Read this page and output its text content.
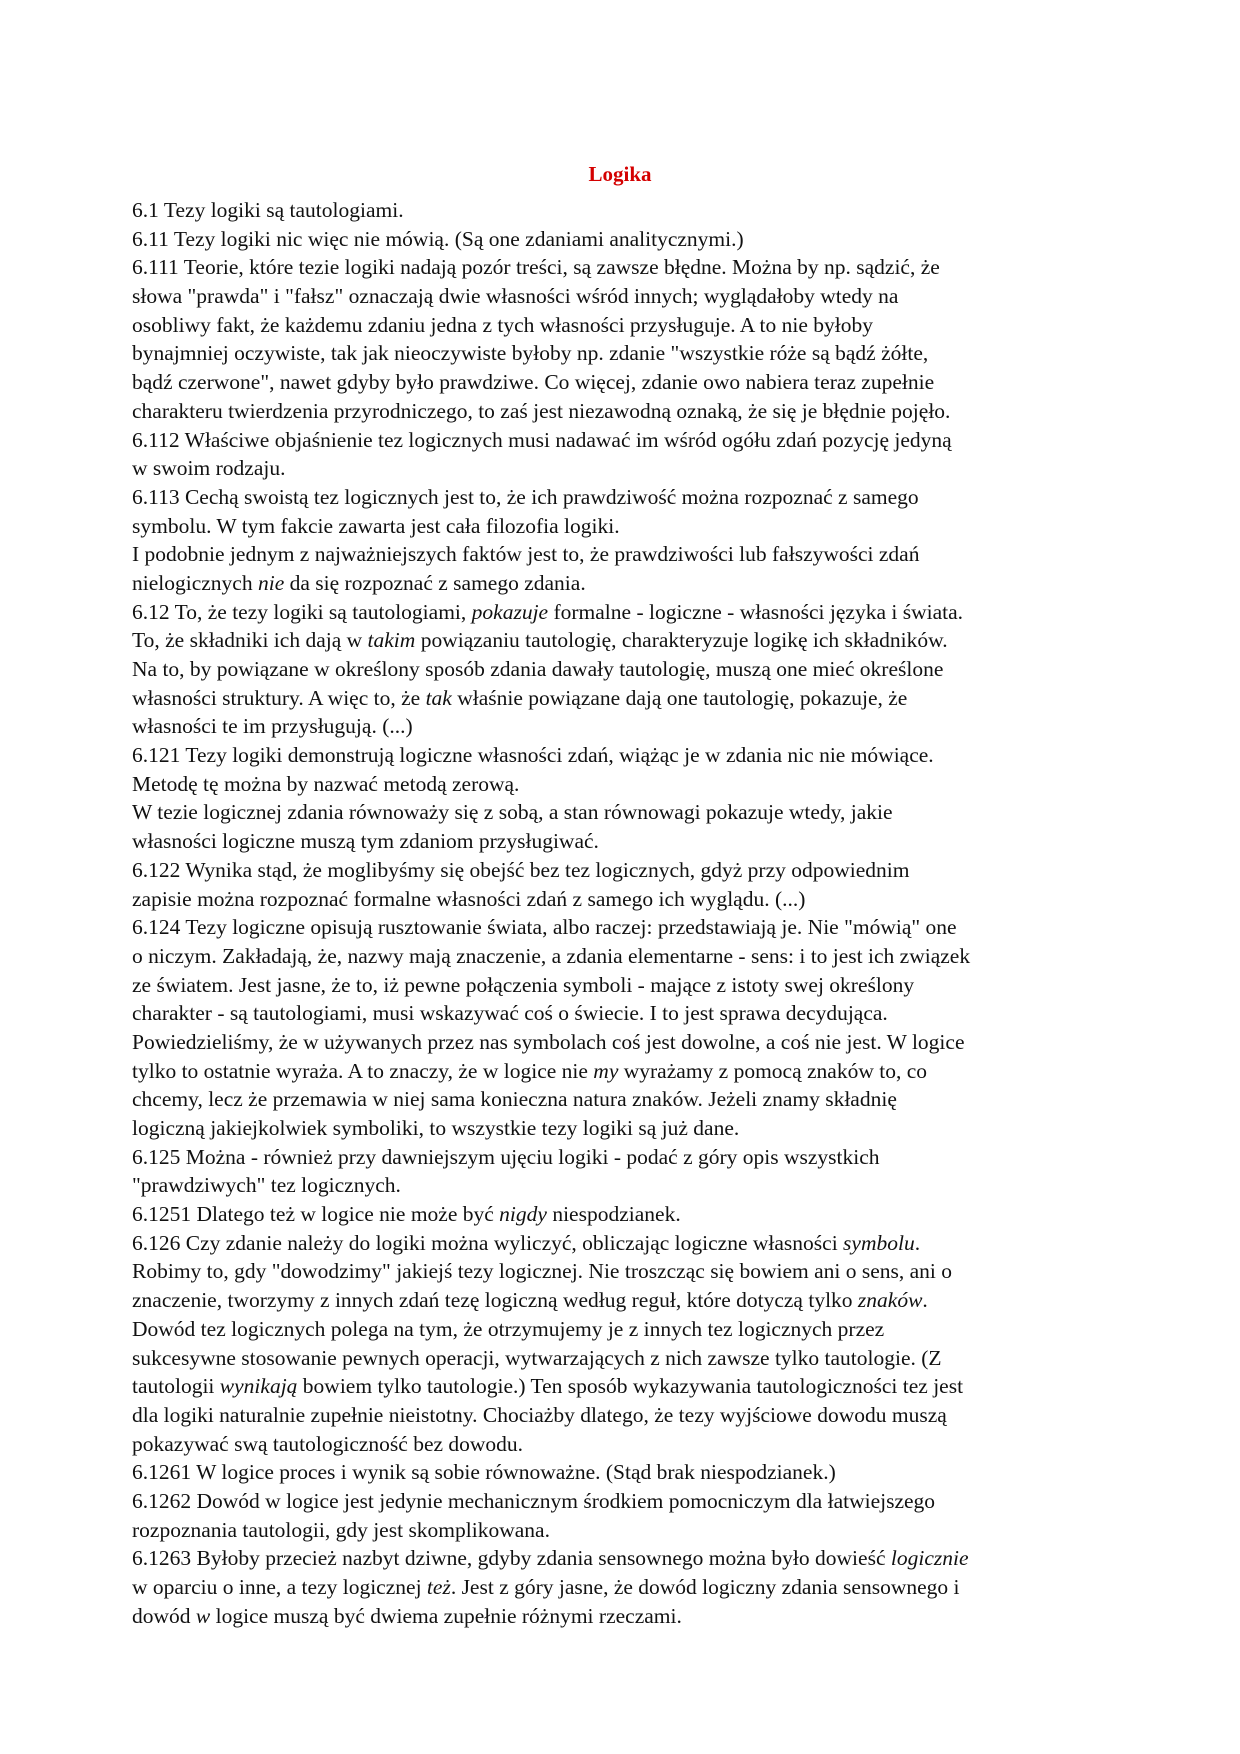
Logika
6.1 Tezy logiki są tautologiami.
6.11 Tezy logiki nic więc nie mówią. (Są one zdaniami analitycznymi.)
6.111 Teorie, które tezie logiki nadają pozór treści, są zawsze błędne. Można by np. sądzić, że
słowa "prawda" i "fałsz" oznaczają dwie własności wśród innych; wyglądałoby wtedy na
osobliwy fakt, że każdemu zdaniu jedna z tych własności przysługuje. A to nie byłoby
bynajmniej oczywiste, tak jak nieoczywiste byłoby np. zdanie "wszystkie róże są bądź żółte,
bądź czerwone", nawet gdyby było prawdziwe. Co więcej, zdanie owo nabiera teraz zupełnie
charakteru twierdzenia przyrodniczego, to zaś jest niezawodną oznaką, że się je błędnie pojęło.
6.112 Właściwe objaśnienie tez logicznych musi nadawać im wśród ogółu zdań pozycję jedyną
w swoim rodzaju.
6.113 Cechą swoistą tez logicznych jest to, że ich prawdziwość można rozpoznać z samego
symbolu. W tym fakcie zawarta jest cała filozofia logiki.
I podobnie jednym z najważniejszych faktów jest to, że prawdziwości lub fałszywości zdań
nielogicznych nie da się rozpoznać z samego zdania.
6.12 To, że tezy logiki są tautologiami, pokazuje formalne - logiczne - własności języka i świata.
To, że składniki ich dają w takim powiązaniu tautologię, charakteryzuje logikę ich składników.
Na to, by powiązane w określony sposób zdania dawały tautologię, muszą one mieć określone
własności struktury. A więc to, że tak właśnie powiązane dają one tautologię, pokazuje, że
własności te im przysługują. (...)
6.121 Tezy logiki demonstrują logiczne własności zdań, wiążąc je w zdania nic nie mówiące.
Metodę tę można by nazwać metodą zerową.
W tezie logicznej zdania równoważy się z sobą, a stan równowagi pokazuje wtedy, jakie
własności logiczne muszą tym zdaniom przysługiwać.
6.122 Wynika stąd, że moglibyśmy się obejść bez tez logicznych, gdyż przy odpowiednim
zapisie można rozpoznać formalne własności zdań z samego ich wyglądu. (...)
6.124 Tezy logiczne opisują rusztowanie świata, albo raczej: przedstawiają je. Nie "mówią" one
o niczym. Zakładają, że, nazwy mają znaczenie, a zdania elementarne - sens: i to jest ich związek
ze światem. Jest jasne, że to, iż pewne połączenia symboli - mające z istoty swej określony
charakter - są tautologiami, musi wskazywać coś o świecie. I to jest sprawa decydująca.
Powiedzieliśmy, że w używanych przez nas symbolach coś jest dowolne, a coś nie jest. W logice
tylko to ostatnie wyraża. A to znaczy, że w logice nie my wyrażamy z pomocą znaków to, co
chcemy, lecz że przemawia w niej sama konieczna natura znaków. Jeżeli znamy składnię
logiczną jakiejkolwiek symboliki, to wszystkie tezy logiki są już dane.
6.125 Można - również przy dawniejszym ujęciu logiki - podać z góry opis wszystkich
"prawdziwych" tez logicznych.
6.1251 Dlatego też w logice nie może być nigdy niespodzianek.
6.126 Czy zdanie należy do logiki można wyliczyć, obliczając logiczne własności symbolu.
Robimy to, gdy "dowodzimy" jakiejś tezy logicznej. Nie troszcząc się bowiem ani o sens, ani o
znaczenie, tworzymy z innych zdań tezę logiczną według reguł, które dotyczą tylko znaków.
Dowód tez logicznych polega na tym, że otrzymujemy je z innych tez logicznych przez
sukcesywne stosowanie pewnych operacji, wytwarzających z nich zawsze tylko tautologie. (Z
tautologii wynikają bowiem tylko tautologie.) Ten sposób wykazywania tautologiczności tez jest
dla logiki naturalnie zupełnie nieistotny. Chociażby dlatego, że tezy wyjściowe dowodu muszą
pokazywać swą tautologiczność bez dowodu.
6.1261 W logice proces i wynik są sobie równoważne. (Stąd brak niespodzianek.)
6.1262 Dowód w logice jest jedynie mechanicznym środkiem pomocniczym dla łatwiejszego
rozpoznania tautologii, gdy jest skomplikowana.
6.1263 Byłoby przecież nazbyt dziwne, gdyby zdania sensownego można było dowieść logicznie
w oparciu o inne, a tezy logicznej też. Jest z góry jasne, że dowód logiczny zdania sensownego i
dowód w logice muszą być dwiema zupełnie różnymi rzeczami.
